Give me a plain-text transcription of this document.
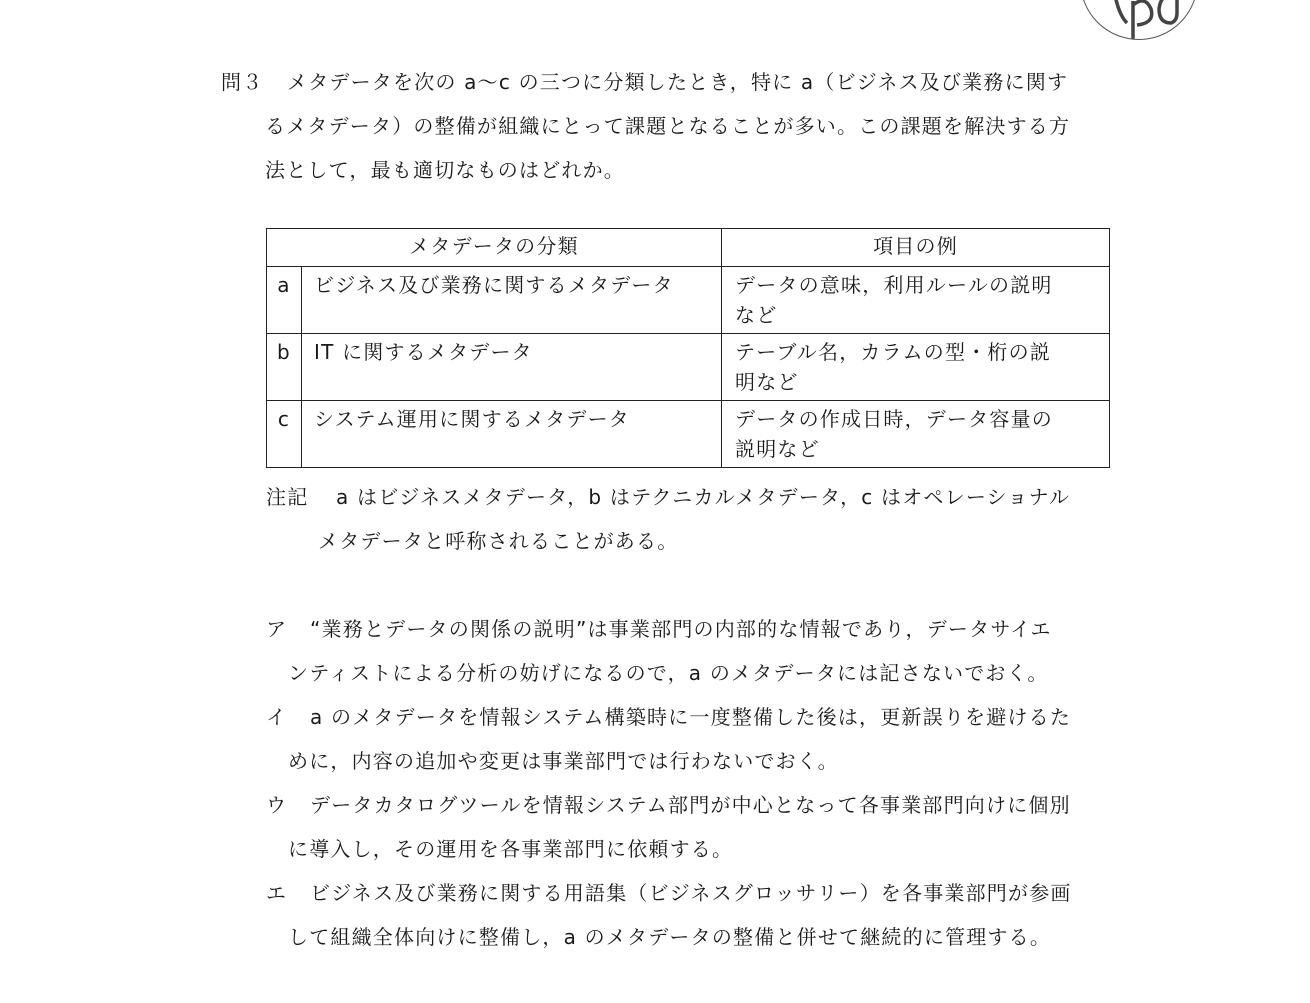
問３ メタデータを次の a～c の三つに分類したとき，特に a（ビジネス及び業務に関す
るメタデータ）の整備が組織にとって課題となることが多い。この課題を解決する方
法として，最も適切なものはどれか。
メタデータの分類		項目の例
a	ビジネス及び業務に関するメタデータ	データの意味，利用ルールの説明
など
b	IT に関するメタデータ	テーブル名，カラムの型・桁の説
明など
c	システム運用に関するメタデータ	データの作成日時，データ容量の
説明など
注記 a はビジネスメタデータ，b はテクニカルメタデータ，c はオペレーショナル
メタデータと呼称されることがある。
ア “業務とデータの関係の説明”は事業部門の内部的な情報であり，データサイエ
ンティストによる分析の妨げになるので，a のメタデータには記さないでおく。
イ a のメタデータを情報システム構築時に一度整備した後は，更新誤りを避けるた
めに，内容の追加や変更は事業部門では行わないでおく。
ウ データカタログツールを情報システム部門が中心となって各事業部門向けに個別
に導入し，その運用を各事業部門に依頼する。
エ ビジネス及び業務に関する用語集（ビジネスグロッサリー）を各事業部門が参画
して組織全体向けに整備し，a のメタデータの整備と併せて継続的に管理する。
